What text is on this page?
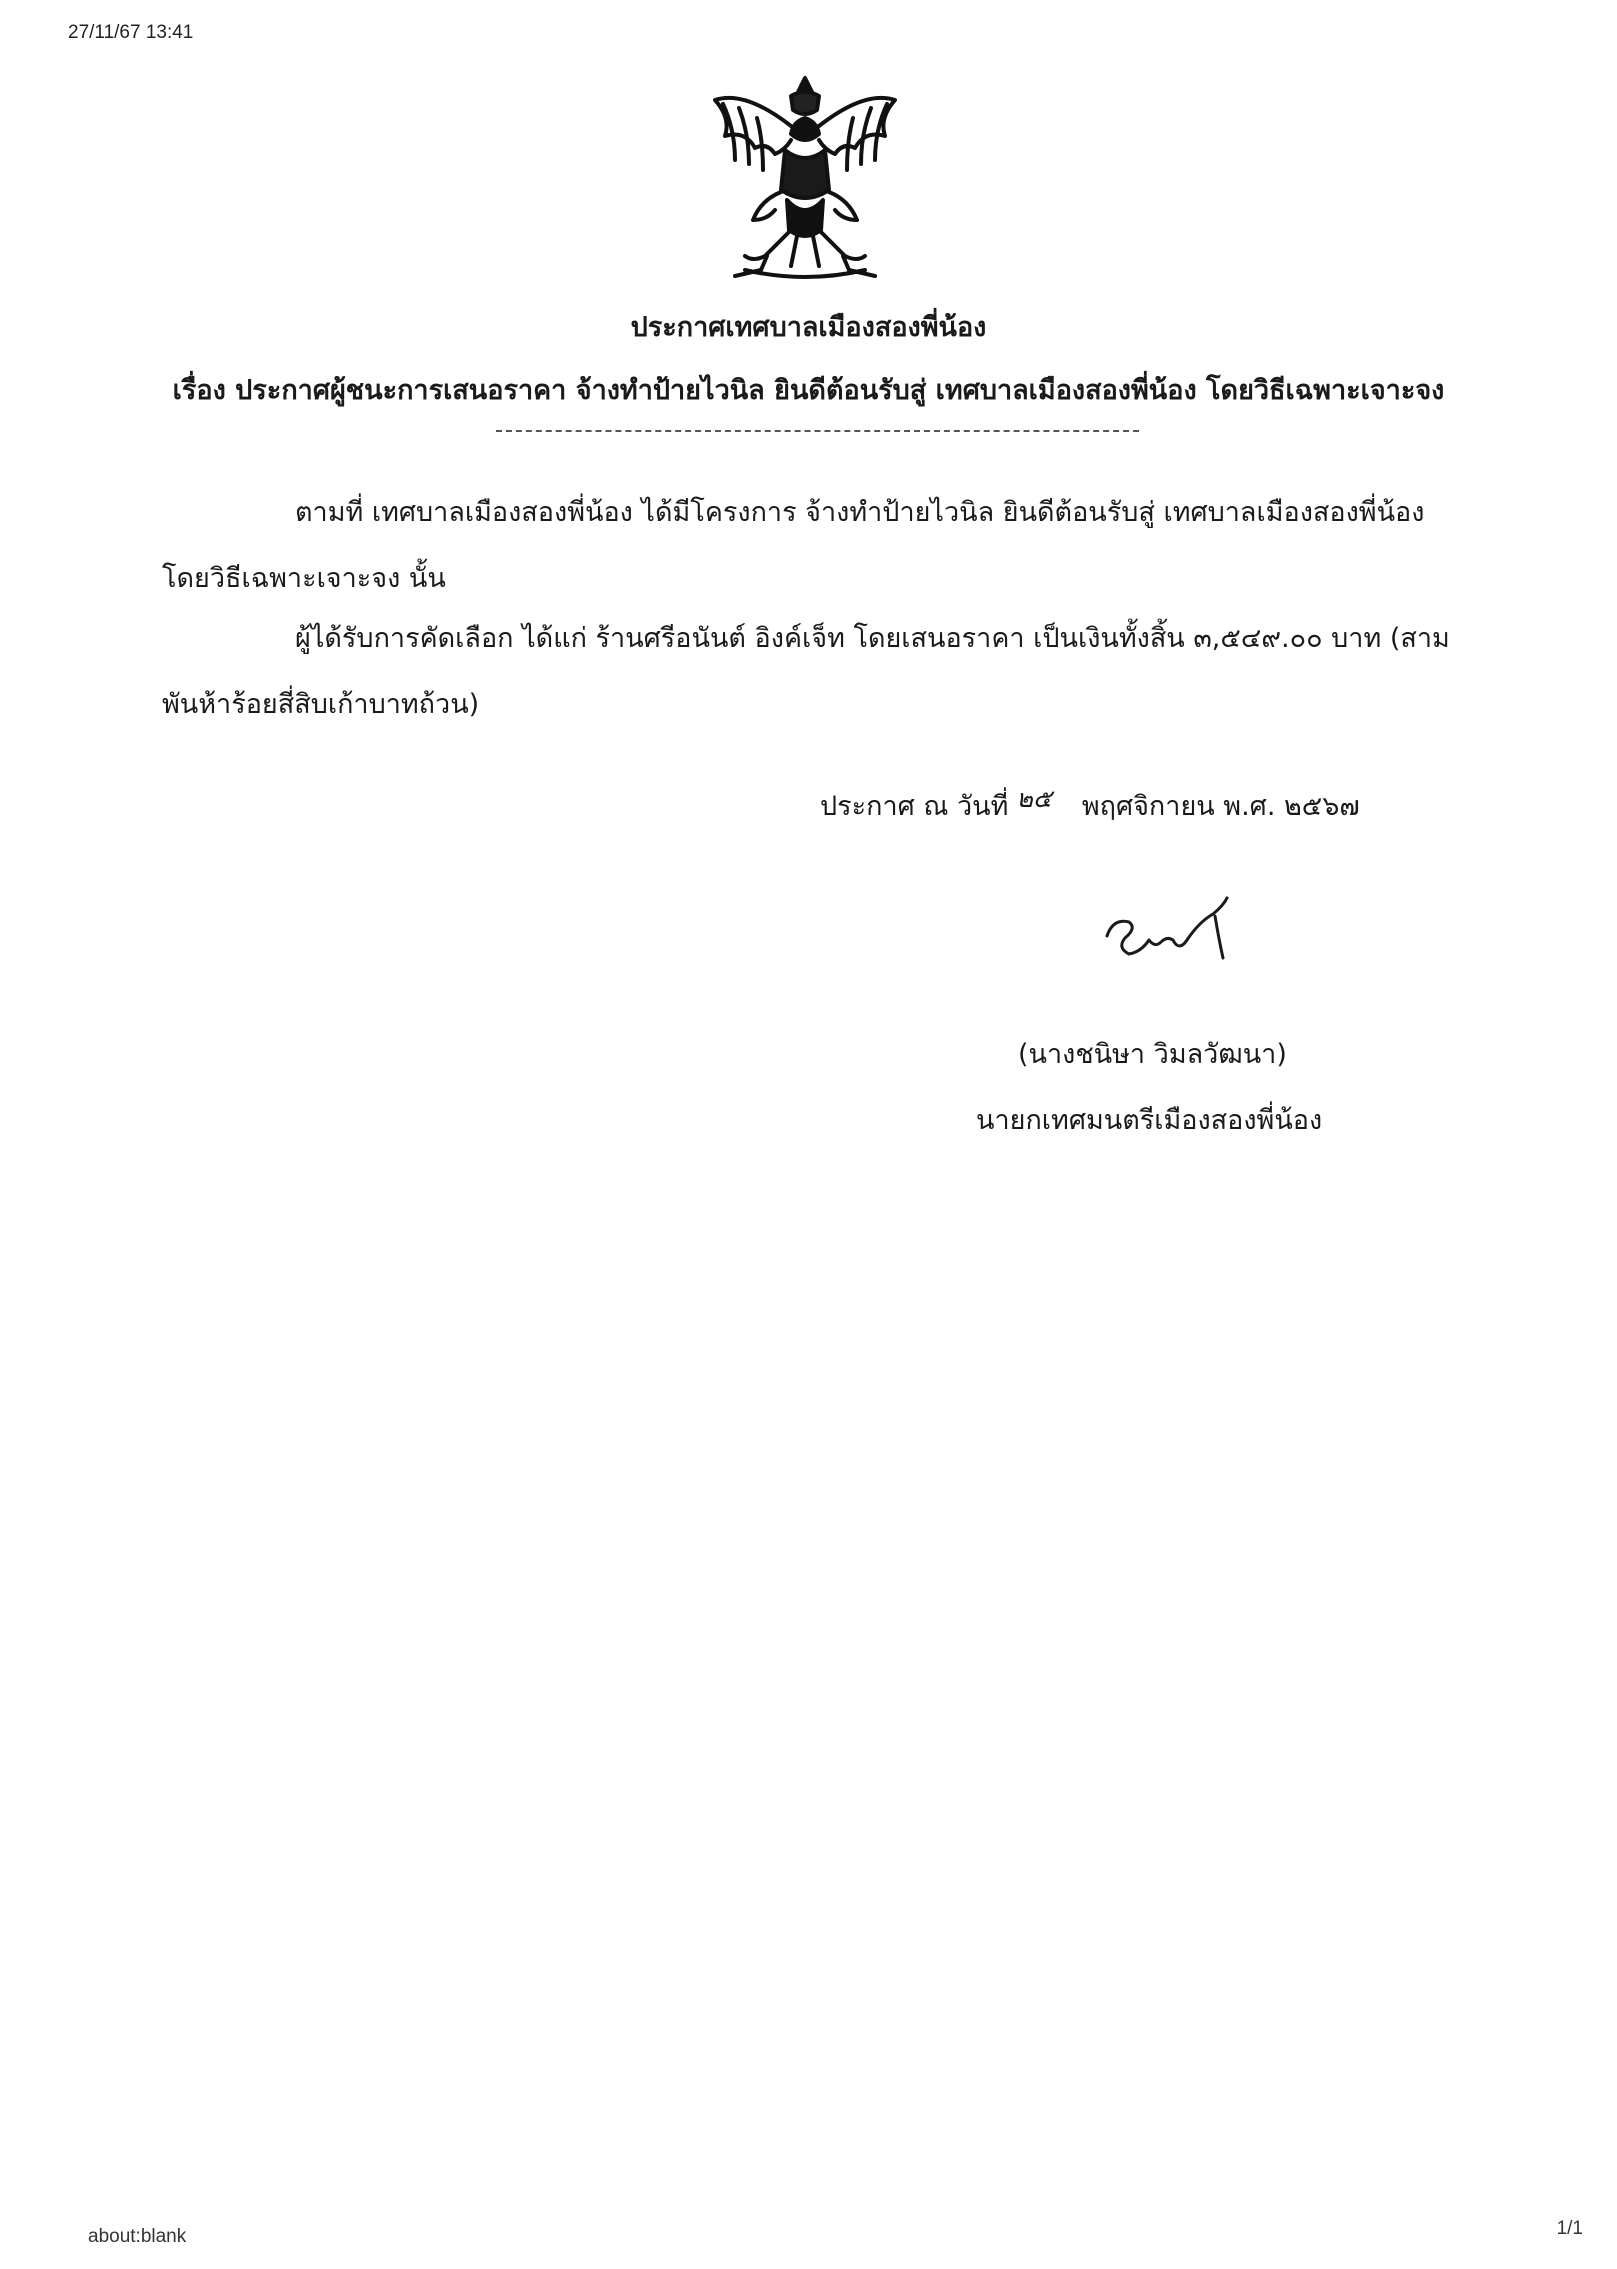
27/11/67 13:41
ประกาศเทศบาลเมืองสองพี่น้อง
เรื่อง ประกาศผู้ชนะการเสนอราคา จ้างทำป้ายไวนิล ยินดีต้อนรับสู่ เทศบาลเมืองสองพี่น้อง โดยวิธีเฉพาะเจาะจง
ตามที่ เทศบาลเมืองสองพี่น้อง ได้มีโครงการ จ้างทำป้ายไวนิล ยินดีต้อนรับสู่ เทศบาลเมืองสองพี่น้อง โดยวิธีเฉพาะเจาะจง นั้น
ผู้ได้รับการคัดเลือก ได้แก่ ร้านศรีอนันต์ อิงค์เจ็ท โดยเสนอราคา เป็นเงินทั้งสิ้น ๓,๕๔๙.๐๐ บาท (สามพันห้าร้อยสี่สิบเก้าบาทถ้วน)
ประกาศ ณ วันที่ ๒๕ พฤศจิกายน พ.ศ. ๒๕๖๗
(นางชนิษา วิมลวัฒนา)
นายกเทศมนตรีเมืองสองพี่น้อง
about:blank	1/1
